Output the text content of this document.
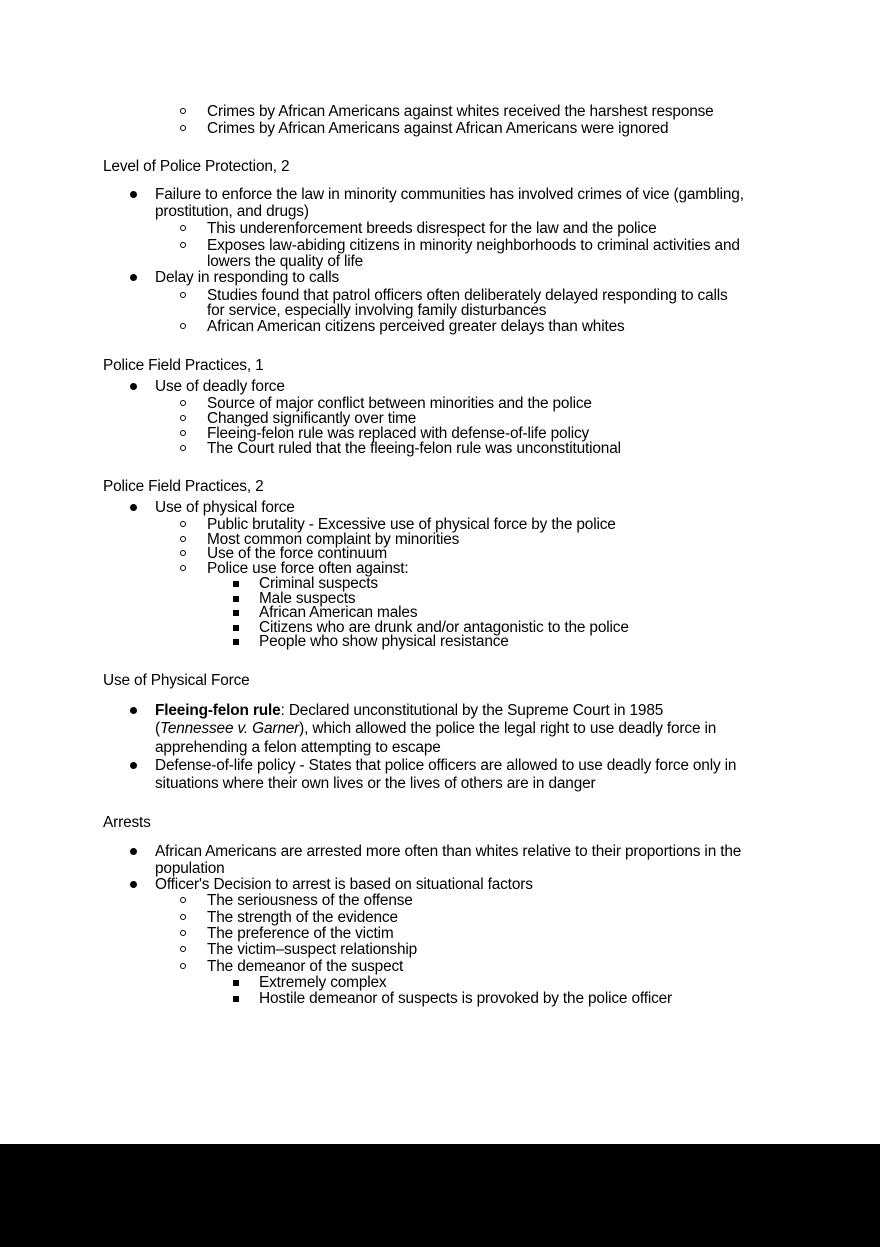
Crimes by African Americans against whites received the harshest response
Crimes by African Americans against African Americans were ignored
Level of Police Protection, 2
Failure to enforce the law in minority communities has involved crimes of vice (gambling,
prostitution, and drugs)
This underenforcement breeds disrespect for the law and the police
Exposes law-abiding citizens in minority neighborhoods to criminal activities and
lowers the quality of life
Delay in responding to calls
Studies found that patrol officers often deliberately delayed responding to calls
for service, especially involving family disturbances
African American citizens perceived greater delays than whites
Police Field Practices, 1
Use of deadly force
Source of major conflict between minorities and the police
Changed significantly over time
Fleeing-felon rule was replaced with defense-of-life policy
The Court ruled that the fleeing-felon rule was unconstitutional
Police Field Practices, 2
Use of physical force
Public brutality - Excessive use of physical force by the police
Most common complaint by minorities
Use of the force continuum
Police use force often against:
Criminal suspects
Male suspects
African American males
Citizens who are drunk and/or antagonistic to the police
People who show physical resistance
Use of Physical Force
Fleeing-felon rule: Declared unconstitutional by the Supreme Court in 1985
(Tennessee v. Garner), which allowed the police the legal right to use deadly force in
apprehending a felon attempting to escape
Defense-of-life policy - States that police officers are allowed to use deadly force only in
situations where their own lives or the lives of others are in danger
Arrests
African Americans are arrested more often than whites relative to their proportions in the
population
Officer's Decision to arrest is based on situational factors
The seriousness of the offense
The strength of the evidence
The preference of the victim
The victim–suspect relationship
The demeanor of the suspect
Extremely complex
Hostile demeanor of suspects is provoked by the police officer
